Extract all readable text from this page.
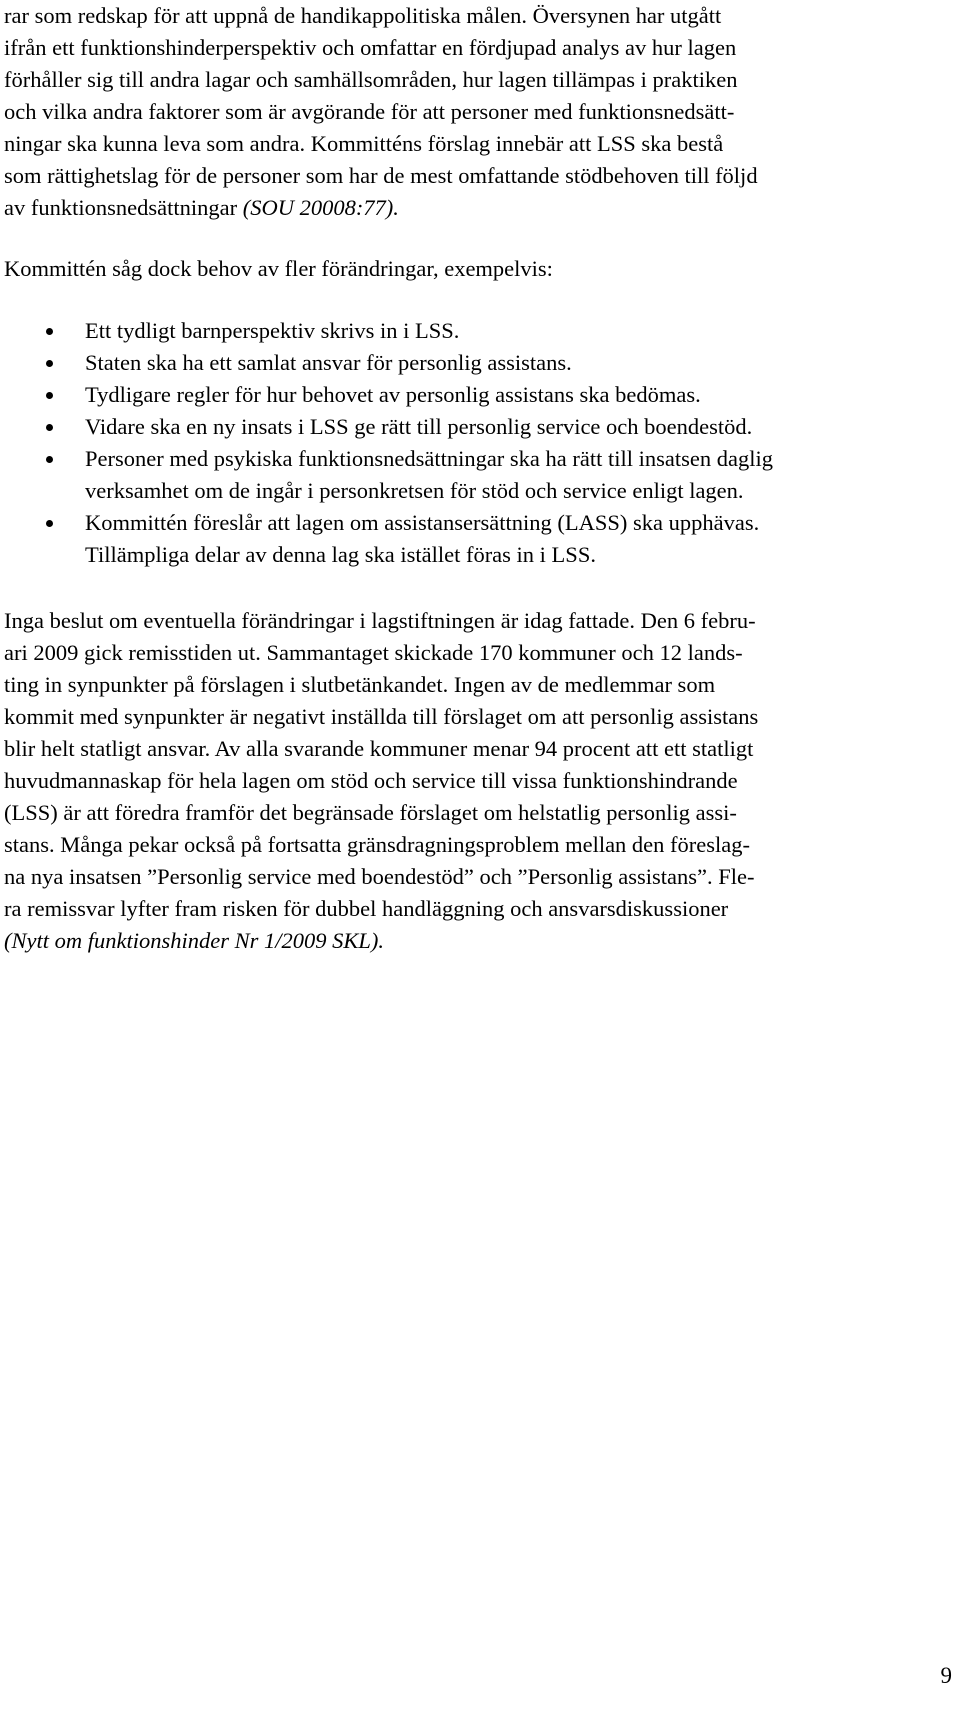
rar som redskap för att uppnå de handikappolitiska målen. Översynen har utgått
ifrån ett funktionshinderperspektiv och omfattar en fördjupad analys av hur lagen
förhåller sig till andra lagar och samhällsområden, hur lagen tillämpas i praktiken
och vilka andra faktorer som är avgörande för att personer med funktionsnedsätt-
ningar ska kunna leva som andra. Kommitténs förslag innebär att LSS ska bestå
som rättighetslag för de personer som har de mest omfattande stödbehoven till följd
av funktionsnedsättningar (SOU 20008:77).

Kommittén såg dock behov av fler förändringar, exempelvis:

Ett tydligt barnperspektiv skrivs in i LSS.
Staten ska ha ett samlat ansvar för personlig assistans.
Tydligare regler för hur behovet av personlig assistans ska bedömas.
Vidare ska en ny insats i LSS ge rätt till personlig service och boendestöd.
Personer med psykiska funktionsnedsättningar ska ha rätt till insatsen daglig
verksamhet om de ingår i personkretsen för stöd och service enligt lagen.
Kommittén föreslår att lagen om assistansersättning (LASS) ska upphävas.
Tillämpliga delar av denna lag ska istället föras in i LSS.

Inga beslut om eventuella förändringar i lagstiftningen är idag fattade. Den 6 febru-
ari 2009 gick remisstiden ut. Sammantaget skickade 170 kommuner och 12 lands-
ting in synpunkter på förslagen i slutbetänkandet. Ingen av de medlemmar som
kommit med synpunkter är negativt inställda till förslaget om att personlig assistans
blir helt statligt ansvar. Av alla svarande kommuner menar 94 procent att ett statligt
huvudmannaskap för hela lagen om stöd och service till vissa funktionshindrande
(LSS) är att föredra framför det begränsade förslaget om helstatlig personlig assi-
stans. Många pekar också på fortsatta gränsdragningsproblem mellan den föreslag-
na nya insatsen ”Personlig service med boendestöd” och ”Personlig assistans”. Fle-
ra remissvar lyfter fram risken för dubbel handläggning och ansvarsdiskussioner
(Nytt om funktionshinder Nr 1/2009 SKL).

9
